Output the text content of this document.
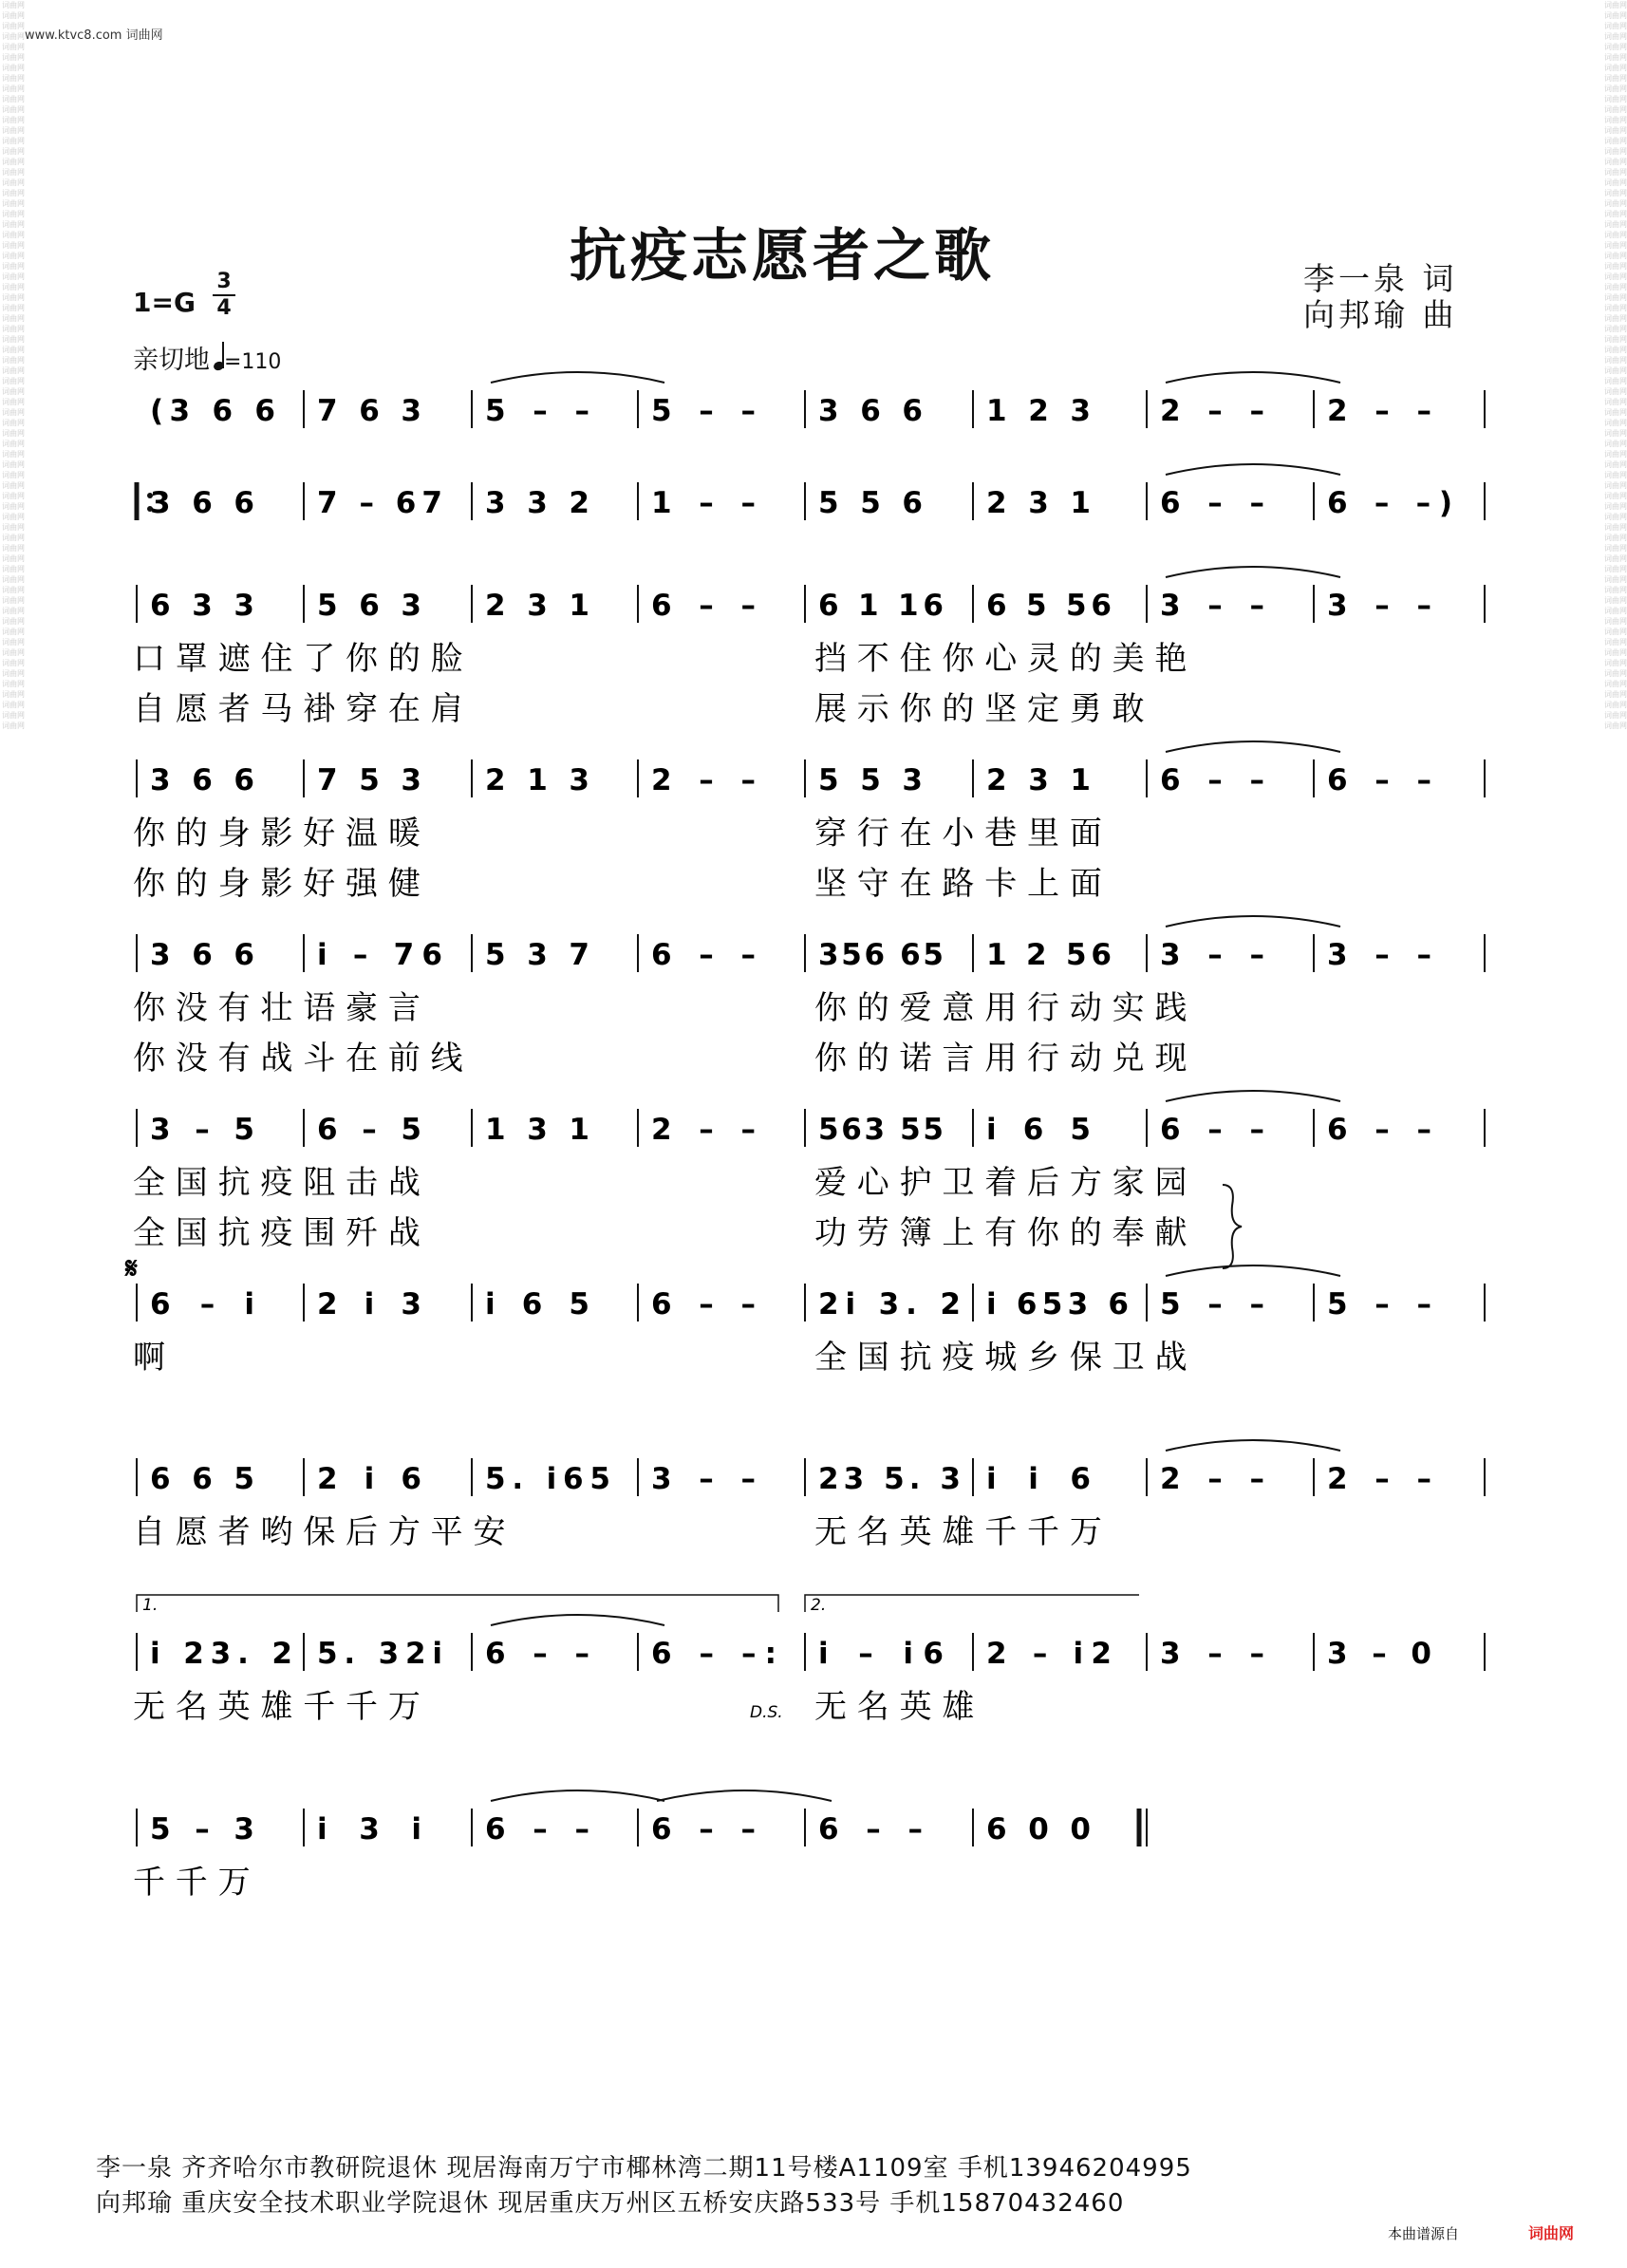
词曲网
词曲网
词曲网
词曲网
词曲网
词曲网
词曲网
词曲网
词曲网
词曲网
词曲网
词曲网
词曲网
词曲网
词曲网
词曲网
词曲网
词曲网
词曲网
词曲网
词曲网
词曲网
词曲网
词曲网
词曲网
词曲网
词曲网
词曲网
词曲网
词曲网
词曲网
词曲网
词曲网
词曲网
词曲网
词曲网
词曲网
词曲网
词曲网
词曲网
词曲网
词曲网
词曲网
词曲网
词曲网
词曲网
词曲网
词曲网
词曲网
词曲网
词曲网
词曲网
词曲网
词曲网
词曲网
词曲网
词曲网
词曲网
词曲网
词曲网
词曲网
词曲网
词曲网
词曲网
词曲网
词曲网
词曲网
词曲网
词曲网
词曲网

词曲网
词曲网
词曲网
词曲网
词曲网
词曲网
词曲网
词曲网
词曲网
词曲网
词曲网
词曲网
词曲网
词曲网
词曲网
词曲网
词曲网
词曲网
词曲网
词曲网
词曲网
词曲网
词曲网
词曲网
词曲网
词曲网
词曲网
词曲网
词曲网
词曲网
词曲网
词曲网
词曲网
词曲网
词曲网
词曲网
词曲网
词曲网
词曲网
词曲网
词曲网
词曲网
词曲网
词曲网
词曲网
词曲网
词曲网
词曲网
词曲网
词曲网
词曲网
词曲网
词曲网
词曲网
词曲网
词曲网
词曲网
词曲网
词曲网
词曲网
词曲网
词曲网
词曲网
词曲网
词曲网
词曲网
词曲网
词曲网
词曲网
词曲网

www.ktvc8.com 词曲网
抗疫志愿者之歌	李一泉 词
向邦瑜 曲
1=G
3
4
亲切地 =110
(3 6 6 7 6 3 5 – – 5 – – 3 6 6 1 2 3 2 – – 2 – –
3 6 6 7 – 67 3 3 2 1 – – 5 5 6 2 3 1 6 – – 6 – –)
6 3 3 5 6 3 2 3 1 6 – – 6 1 16 6 5 56 3 – – 3 – –
口 罩 遮 住 了 你 的 脸	挡 不 住 你 心 灵 的 美 艳
自 愿 者 马 褂 穿 在 肩	展 示 你 的 坚 定 勇 敢
3 6 6 7 5 3 2 1 3 2 – – 5 5 3 2 3 1 6 – – 6 – –
你 的 身 影 好 温 暖	穿 行 在 小 巷 里 面
你 的 身 影 好 强 健	坚 守 在 路 卡 上 面
3 6 6 i – 76 5 3 7 6 – – 356 65 1 2 56 3 – – 3 – –
你 没 有 壮 语 豪 言	你 的 爱 意 用 行 动 实 践
你 没 有 战 斗 在 前 线	你 的 诺 言 用 行 动 兑 现
3 – 5 6 – 5 1 3 1 2 – – 563 55 i 6 5 6 – – 6 – –
全 国 抗 疫 阻 击 战	爱 心 护 卫 着 后 方 家 园
全 国 抗 疫 围 歼 战	功 劳 簿 上 有 你 的 奉 献
6 – i 2 i 3 i 6 5 6 – – 2i 3. 2 i 653 6 5 – – 5 – –
啊	全 国 抗 疫 城 乡 保 卫 战
6 6 5 2 i 6 5. i65 3 – – 23 5. 3 i i 6 2 – – 2 – –
自 愿 者 哟 保 后 方 平 安	无 名 英 雄 千 千 万
i 23. 2 5. 32i 6 – – 6 – –: i – i6 2 – i2 3 – – 3 – 0
无 名 英 雄 千 千 万	无 名 英 雄
1.	2.
D.S.
5 – 3 i 3 i 6 – – 6 – – 6 – – 6 0 0
千 千 万
𝄋
李一泉 齐齐哈尔市教研院退休 现居海南万宁市椰林湾二期11号楼A1109室 手机13946204995
向邦瑜 重庆安全技术职业学院退休 现居重庆万州区五桥安庆路533号 手机15870432460
本曲谱源自	词曲网
